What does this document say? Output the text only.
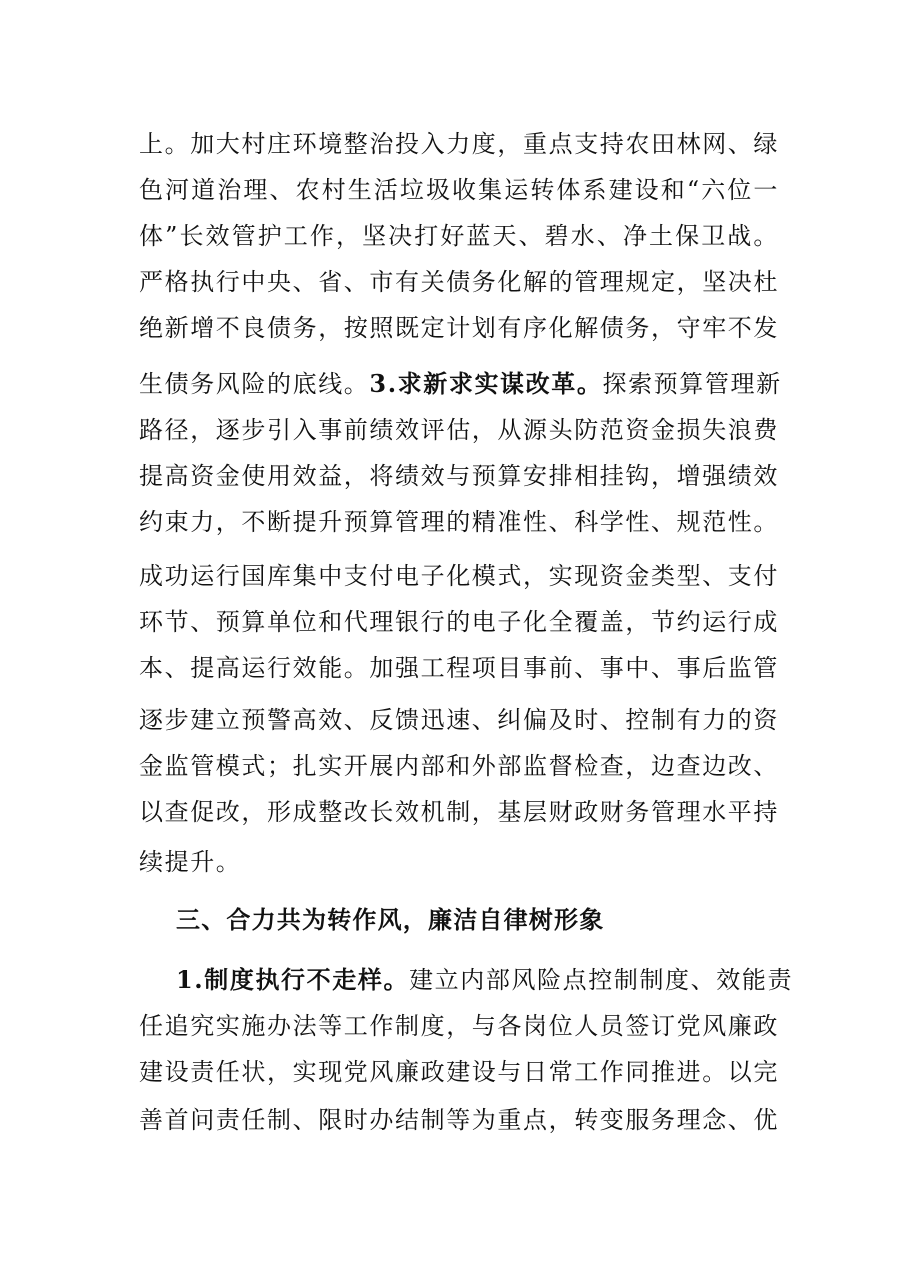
上。加大村庄环境整治投入力度，重点支持农田林网、绿
色河道治理、农村生活垃圾收集运转体系建设和“六位一
体”长效管护工作，坚决打好蓝天、碧水、净土保卫战。
严格执行中央、省、市有关债务化解的管理规定，坚决杜
绝新增不良债务，按照既定计划有序化解债务，守牢不发
生债务风险的底线。3.求新求实谋改革。探索预算管理新
路径，逐步引入事前绩效评估，从源头防范资金损失浪费
提高资金使用效益，将绩效与预算安排相挂钩，增强绩效
约束力，不断提升预算管理的精准性、科学性、规范性。
成功运行国库集中支付电子化模式，实现资金类型、支付
环节、预算单位和代理银行的电子化全覆盖，节约运行成
本、提高运行效能。加强工程项目事前、事中、事后监管
逐步建立预警高效、反馈迅速、纠偏及时、控制有力的资
金监管模式；扎实开展内部和外部监督检查，边查边改、
以查促改，形成整改长效机制，基层财政财务管理水平持
续提升。
三、合力共为转作风，廉洁自律树形象
1.制度执行不走样。建立内部风险点控制制度、效能责
任追究实施办法等工作制度，与各岗位人员签订党风廉政
建设责任状，实现党风廉政建设与日常工作同推进。以完
善首问责任制、限时办结制等为重点，转变服务理念、优
